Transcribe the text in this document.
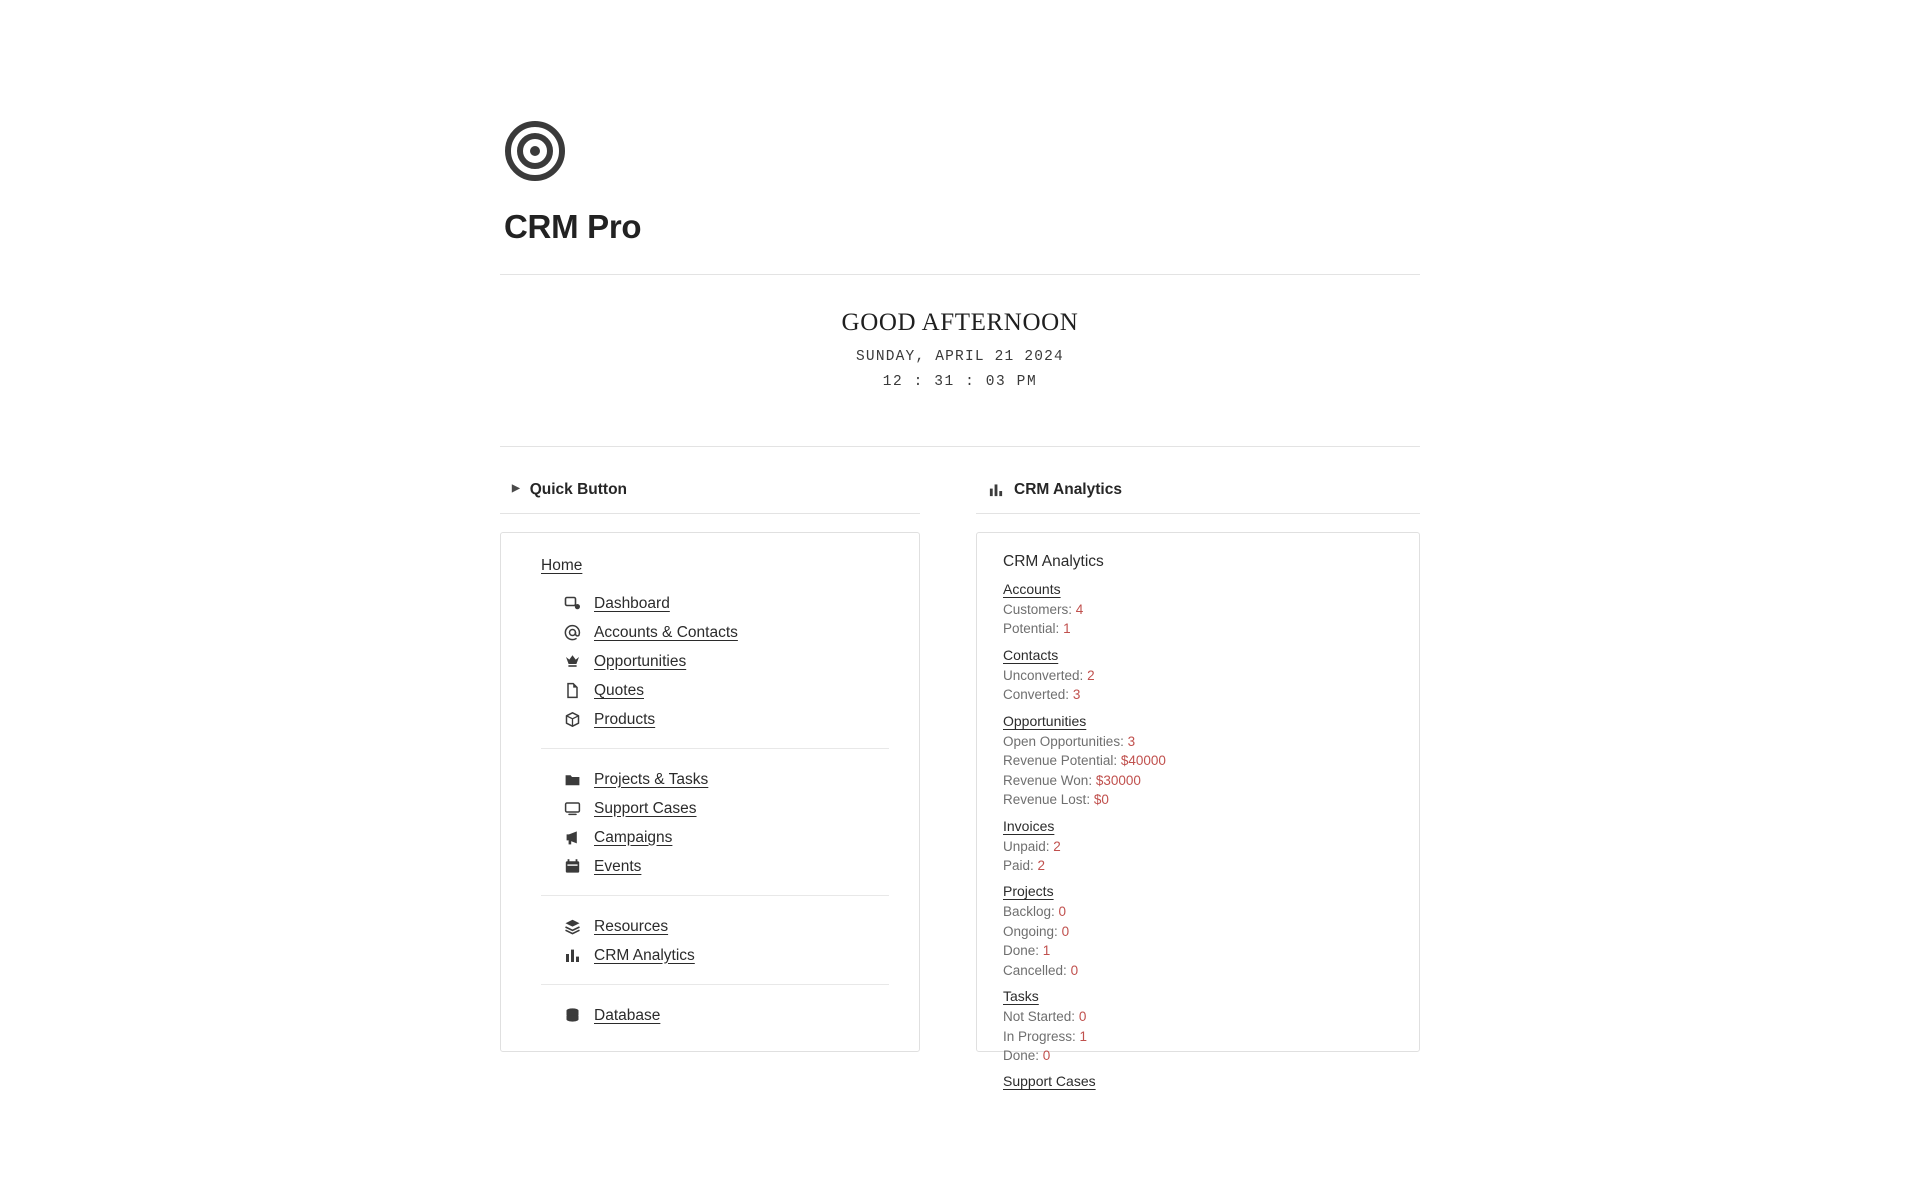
CRM Pro
GOOD AFTERNOON
SUNDAY, APRIL 21 2024
12 : 31 : 03 PM
▶ Quick Button
Home
Dashboard
Accounts & Contacts
Opportunities
Quotes
Products
Projects & Tasks
Support Cases
Campaigns
Events
Resources
CRM Analytics
Database
CRM Analytics
CRM Analytics
Accounts
Customers: 4
Potential: 1
Contacts
Unconverted: 2
Converted: 3
Opportunities
Open Opportunities: 3
Revenue Potential: $40000
Revenue Won: $30000
Revenue Lost: $0
Invoices
Unpaid: 2
Paid: 2
Projects
Backlog: 0
Ongoing: 0
Done: 1
Cancelled: 0
Tasks
Not Started: 0
In Progress: 1
Done: 0
Support Cases
